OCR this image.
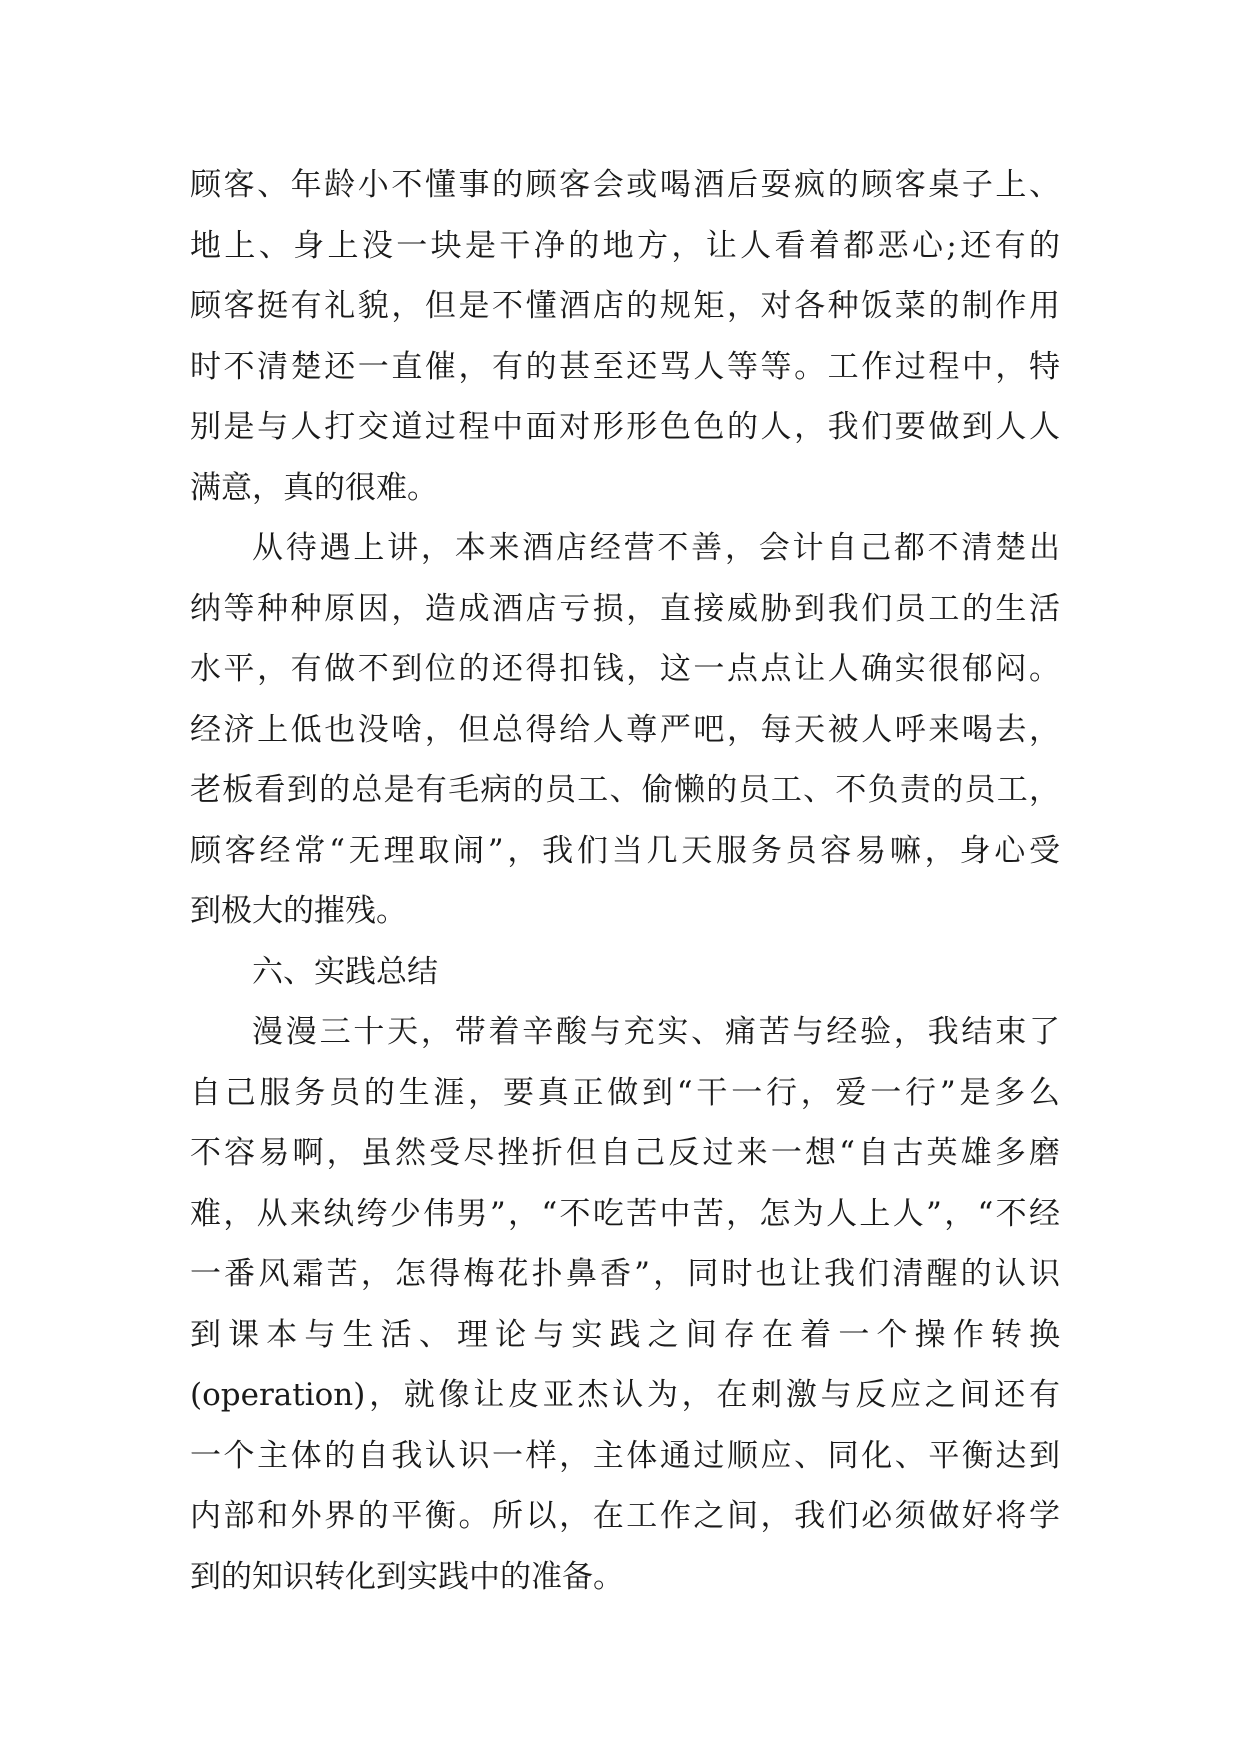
顾客、年龄小不懂事的顾客会或喝酒后耍疯的顾客桌子上、
地上、身上没一块是干净的地方，让人看着都恶心;还有的
顾客挺有礼貌，但是不懂酒店的规矩，对各种饭菜的制作用
时不清楚还一直催，有的甚至还骂人等等。工作过程中，特
别是与人打交道过程中面对形形色色的人，我们要做到人人
满意，真的很难。
从待遇上讲，本来酒店经营不善，会计自己都不清楚出
纳等种种原因，造成酒店亏损，直接威胁到我们员工的生活
水平，有做不到位的还得扣钱，这一点点让人确实很郁闷。
经济上低也没啥，但总得给人尊严吧，每天被人呼来喝去，
老板看到的总是有毛病的员工、偷懒的员工、不负责的员工，
顾客经常“无理取闹”，我们当几天服务员容易嘛，身心受
到极大的摧残。
六、实践总结
漫漫三十天，带着辛酸与充实、痛苦与经验，我结束了
自己服务员的生涯，要真正做到“干一行，爱一行”是多么
不容易啊，虽然受尽挫折但自己反过来一想“自古英雄多磨
难，从来纨绔少伟男”，“不吃苦中苦，怎为人上人”，“不经
一番风霜苦，怎得梅花扑鼻香”，同时也让我们清醒的认识
到课本与生活、理论与实践之间存在着一个操作转换
(operation)，就像让皮亚杰认为，在刺激与反应之间还有
一个主体的自我认识一样，主体通过顺应、同化、平衡达到
内部和外界的平衡。所以，在工作之间，我们必须做好将学
到的知识转化到实践中的准备。
